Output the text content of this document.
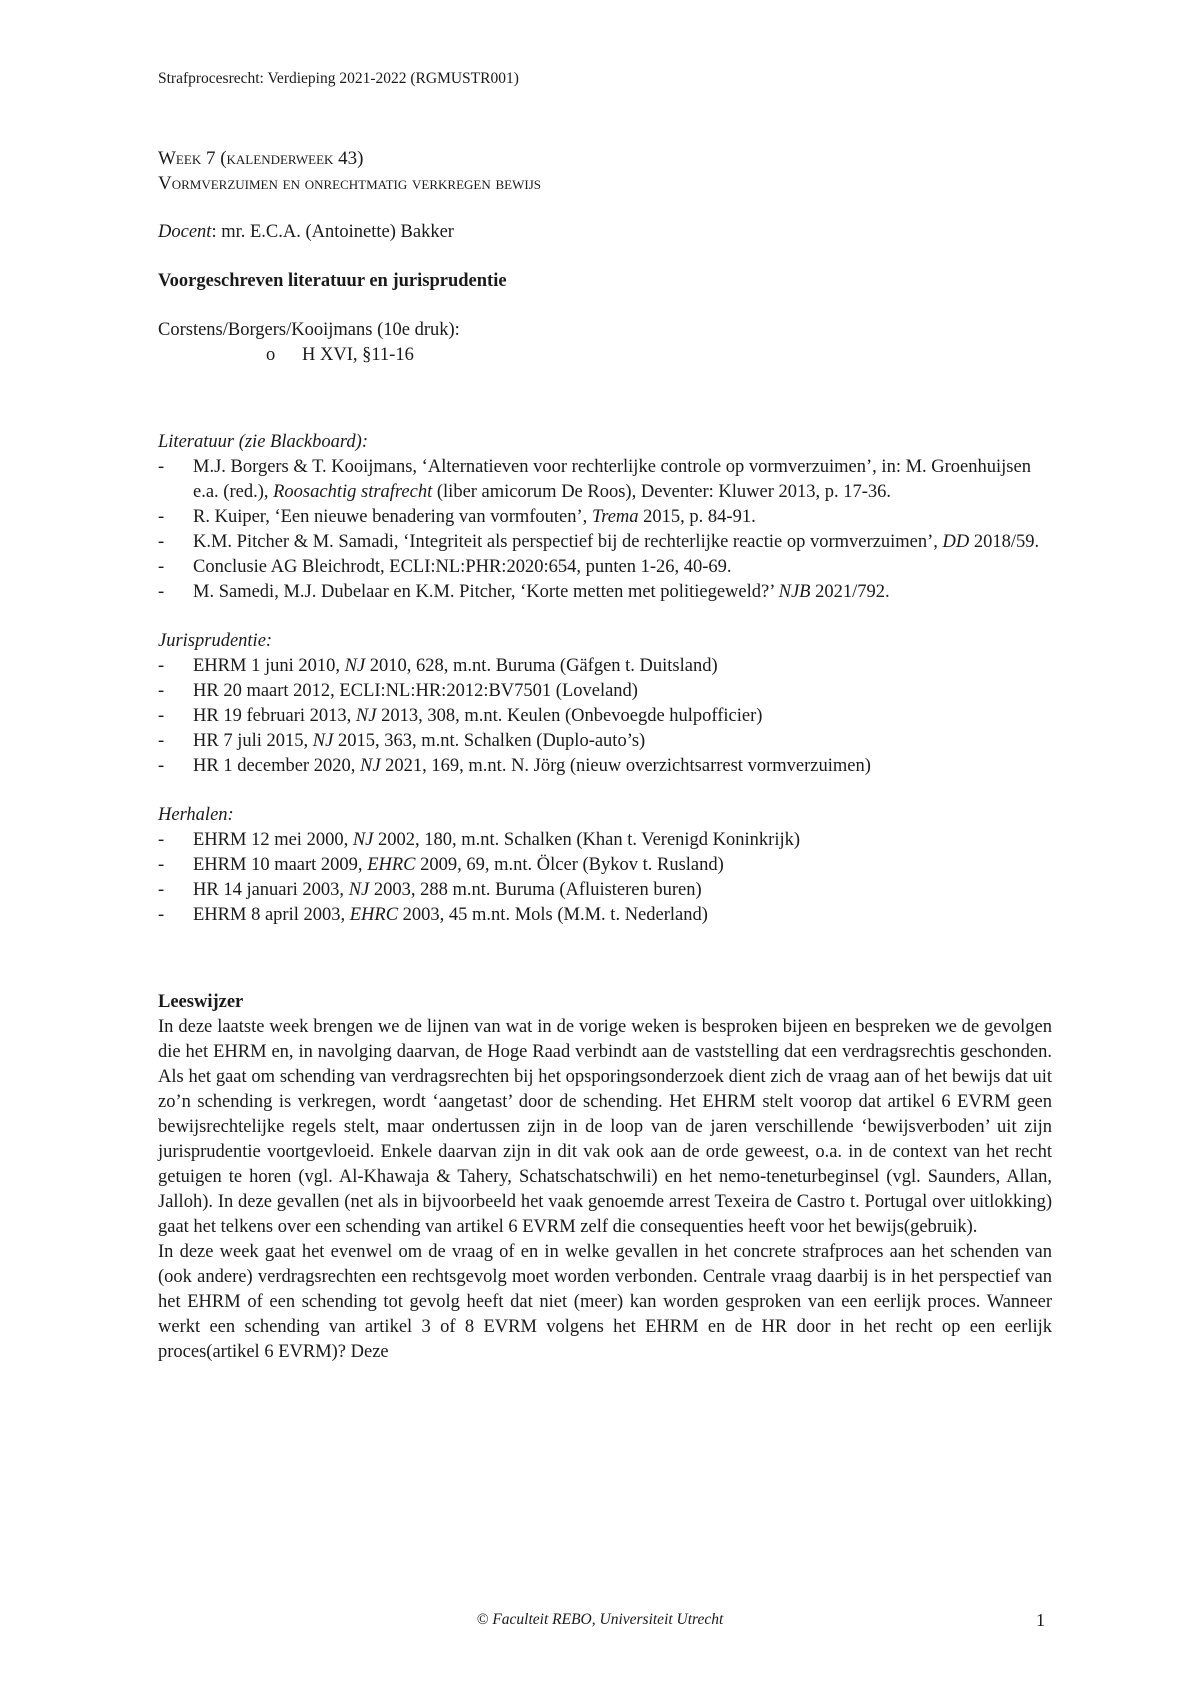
Strafprocesrecht: Verdieping 2021-2022 (RGMUSTR001)
Week 7 (kalenderweek 43)
Vormverzuimen en onrechtmatig verkregen bewijs
Docent: mr. E.C.A. (Antoinette) Bakker
Voorgeschreven literatuur en jurisprudentie
Corstens/Borgers/Kooijmans (10e druk):
o H XVI, §11-16
Literatuur (zie Blackboard):
- M.J. Borgers & T. Kooijmans, ‘Alternatieven voor rechterlijke controle op vormverzuimen’, in: M. Groenhuijsen e.a. (red.), Roosachtig strafrecht (liber amicorum De Roos), Deventer: Kluwer 2013, p. 17-36.
- R. Kuiper, ‘Een nieuwe benadering van vormfouten’, Trema 2015, p. 84-91.
- K.M. Pitcher & M. Samadi, ‘Integriteit als perspectief bij de rechterlijke reactie op vormverzuimen’, DD 2018/59.
- Conclusie AG Bleichrodt, ECLI:NL:PHR:2020:654, punten 1-26, 40-69.
- M. Samedi, M.J. Dubelaar en K.M. Pitcher, ‘Korte metten met politiegeweld?’ NJB 2021/792.
Jurisprudentie:
- EHRM 1 juni 2010, NJ 2010, 628, m.nt. Buruma (Gäfgen t. Duitsland)
- HR 20 maart 2012, ECLI:NL:HR:2012:BV7501 (Loveland)
- HR 19 februari 2013, NJ 2013, 308, m.nt. Keulen (Onbevoegde hulpofficier)
- HR 7 juli 2015, NJ 2015, 363, m.nt. Schalken (Duplo-auto’s)
- HR 1 december 2020, NJ 2021, 169, m.nt. N. Jörg (nieuw overzichtsarrest vormverzuimen)
Herhalen:
- EHRM 12 mei 2000, NJ 2002, 180, m.nt. Schalken (Khan t. Verenigd Koninkrijk)
- EHRM 10 maart 2009, EHRC 2009, 69, m.nt. Ölcer (Bykov t. Rusland)
- HR 14 januari 2003, NJ 2003, 288 m.nt. Buruma (Afluisteren buren)
- EHRM 8 april 2003, EHRC 2003, 45 m.nt. Mols (M.M. t. Nederland)
Leeswijzer
In deze laatste week brengen we de lijnen van wat in de vorige weken is besproken bijeen en bespreken we de gevolgen die het EHRM en, in navolging daarvan, de Hoge Raad verbindt aan de vaststelling dat een verdragsrechtis geschonden. Als het gaat om schending van verdragsrechten bij het opsporingsonderzoek dient zich de vraag aan of het bewijs dat uit zo’n schending is verkregen, wordt ‘aangetast’ door de schending. Het EHRM stelt voorop dat artikel 6 EVRM geen bewijsrechtelijke regels stelt, maar ondertussen zijn in de loop van de jaren verschillende ‘bewijsverboden’ uit zijn jurisprudentie voortgevloeid. Enkele daarvan zijn in dit vak ook aan de orde geweest, o.a. in de context van het recht getuigen te horen (vgl. Al-Khawaja & Tahery, Schatschatschwili) en het nemo-teneturbeginsel (vgl. Saunders, Allan, Jalloh). In deze gevallen (net als in bijvoorbeeld het vaak genoemde arrest Texeira de Castro t. Portugal over uitlokking) gaat het telkens over een schending van artikel 6 EVRM zelf die consequenties heeft voor het bewijs(gebruik).
In deze week gaat het evenwel om de vraag of en in welke gevallen in het concrete strafproces aan het schenden van (ook andere) verdragsrechten een rechtsgevolg moet worden verbonden. Centrale vraag daarbij is in het perspectief van het EHRM of een schending tot gevolg heeft dat niet (meer) kan worden gesproken van een eerlijk proces. Wanneer werkt een schending van artikel 3 of 8 EVRM volgens het EHRM en de HR door in het recht op een eerlijk proces(artikel 6 EVRM)? Deze
© Faculteit REBO, Universiteit Utrecht	1
